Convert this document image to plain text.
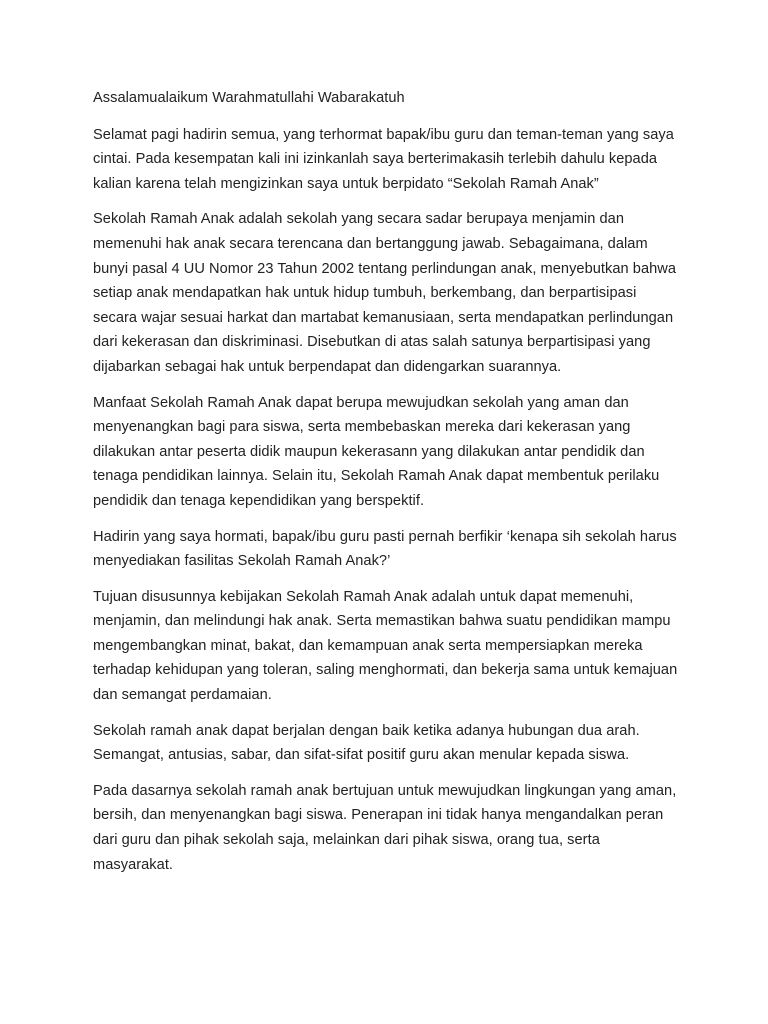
Assalamualaikum Warahmatullahi Wabarakatuh

Selamat pagi hadirin semua, yang terhormat bapak/ibu guru dan teman-teman yang saya cintai. Pada kesempatan kali ini izinkanlah saya berterimakasih terlebih dahulu kepada kalian karena telah mengizinkan saya untuk berpidato “Sekolah Ramah Anak”

Sekolah Ramah Anak adalah sekolah yang secara sadar berupaya menjamin dan memenuhi hak anak secara terencana dan bertanggung jawab. Sebagaimana, dalam bunyi pasal 4 UU Nomor 23 Tahun 2002 tentang perlindungan anak, menyebutkan bahwa setiap anak mendapatkan hak untuk hidup tumbuh, berkembang, dan berpartisipasi secara wajar sesuai harkat dan martabat kemanusiaan, serta mendapatkan perlindungan dari kekerasan dan diskriminasi. Disebutkan di atas salah satunya berpartisipasi yang dijabarkan sebagai hak untuk berpendapat dan didengarkan suarannya.

Manfaat Sekolah Ramah Anak dapat berupa mewujudkan sekolah yang aman dan menyenangkan bagi para siswa, serta membebaskan mereka dari kekerasan yang dilakukan antar peserta didik maupun kekerasann yang dilakukan antar pendidik dan tenaga pendidikan lainnya. Selain itu, Sekolah Ramah Anak dapat membentuk perilaku pendidik dan tenaga kependidikan yang berspektif.

Hadirin yang saya hormati, bapak/ibu guru pasti pernah berfikir ‘kenapa sih sekolah harus menyediakan fasilitas Sekolah Ramah Anak?’

Tujuan disusunnya kebijakan Sekolah Ramah Anak adalah untuk dapat memenuhi, menjamin, dan melindungi hak anak. Serta memastikan bahwa suatu pendidikan mampu mengembangkan minat, bakat, dan kemampuan anak serta mempersiapkan mereka terhadap kehidupan yang toleran, saling menghormati, dan bekerja sama untuk kemajuan dan semangat perdamaian.

Sekolah ramah anak dapat berjalan dengan baik ketika adanya hubungan dua arah. Semangat, antusias, sabar, dan sifat-sifat positif guru akan menular kepada siswa.

Pada dasarnya sekolah ramah anak bertujuan untuk mewujudkan lingkungan yang aman, bersih, dan menyenangkan bagi siswa. Penerapan ini tidak hanya mengandalkan peran dari guru dan pihak sekolah saja, melainkan dari pihak siswa, orang tua, serta masyarakat.
